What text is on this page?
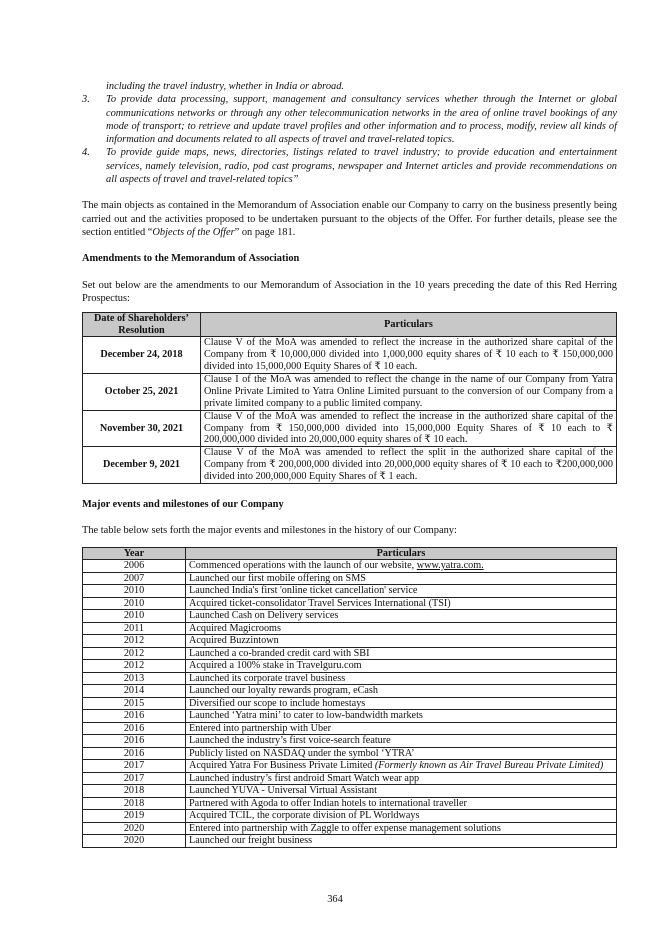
including the travel industry, whether in India or abroad.
3.	To provide data processing, support, management and consultancy services whether through the Internet or global communications networks or through any other telecommunication networks in the area of online travel bookings of any mode of transport; to retrieve and update travel profiles and other information and to process, modify, review all kinds of information and documents related to all aspects of travel and travel-related topics.
4.	To provide guide maps, news, directories, listings related to travel industry; to provide education and entertainment services, namely television, radio, pod cast programs, newspaper and Internet articles and provide recommendations on all aspects of travel and travel-related topics”

The main objects as contained in the Memorandum of Association enable our Company to carry on the business presently being carried out and the activities proposed to be undertaken pursuant to the objects of the Offer. For further details, please see the section entitled “Objects of the Offer” on page 181.

Amendments to the Memorandum of Association

Set out below are the amendments to our Memorandum of Association in the 10 years preceding the date of this Red Herring Prospectus:

Date of Shareholders’ Resolution	Particulars
December 24, 2018	Clause V of the MoA was amended to reflect the increase in the authorized share capital of the Company from ₹ 10,000,000 divided into 1,000,000 equity shares of ₹ 10 each to ₹ 150,000,000 divided into 15,000,000 Equity Shares of ₹ 10 each.
October 25, 2021	Clause I of the MoA was amended to reflect the change in the name of our Company from Yatra Online Private Limited to Yatra Online Limited pursuant to the conversion of our Company from a private limited company to a public limited company.
November 30, 2021	Clause V of the MoA was amended to reflect the increase in the authorized share capital of the Company from ₹ 150,000,000 divided into 15,000,000 Equity Shares of ₹ 10 each to ₹ 200,000,000 divided into 20,000,000 equity shares of ₹ 10 each.
December 9, 2021	Clause V of the MoA was amended to reflect the split in the authorized share capital of the Company from ₹ 200,000,000 divided into 20,000,000 equity shares of ₹ 10 each to ₹200,000,000 divided into 200,000,000 Equity Shares of ₹ 1 each.
Major events and milestones of our Company

The table below sets forth the major events and milestones in the history of our Company:

Year	Particulars
2006	Commenced operations with the launch of our website, www.yatra.com.
2007	Launched our first mobile offering on SMS
2010	Launched India's first 'online ticket cancellation' service
2010	Acquired ticket-consolidator Travel Services International (TSI)
2010	Launched Cash on Delivery services
2011	Acquired Magicrooms
2012	Acquired Buzzintown
2012	Launched a co-branded credit card with SBI
2012	Acquired a 100% stake in Travelguru.com
2013	Launched its corporate travel business
2014	Launched our loyalty rewards program, eCash
2015	Diversified our scope to include homestays
2016	Launched ‘Yatra mini’ to cater to low-bandwidth markets
2016	Entered into partnership with Uber
2016	Launched the industry’s first voice-search feature
2016	Publicly listed on NASDAQ under the symbol ‘YTRA’
2017	Acquired Yatra For Business Private Limited (Formerly known as Air Travel Bureau Private Limited)
2017	Launched industry’s first android Smart Watch wear app
2018	Launched YUVA - Universal Virtual Assistant
2018	Partnered with Agoda to offer Indian hotels to international traveller
2019	Acquired TCIL, the corporate division of PL Worldways
2020	Entered into partnership with Zaggle to offer expense management solutions
2020	Launched our freight business
364
